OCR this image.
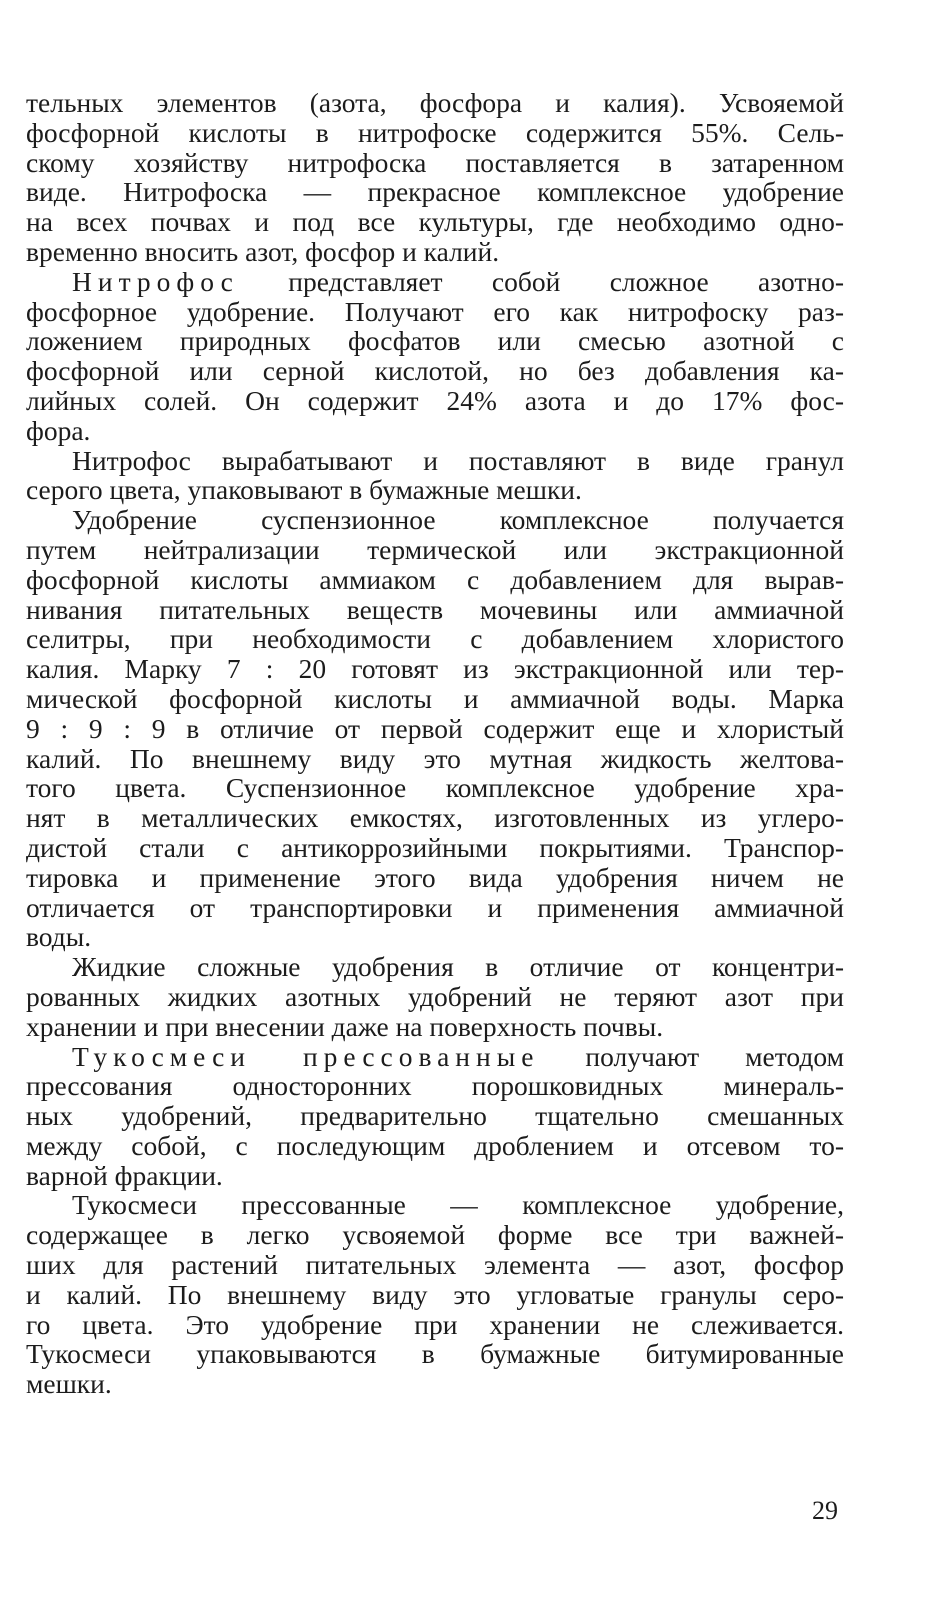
тельных элементов (азота, фосфора и калия). Усвояемой
фосфорной кислоты в нитрофоске содержится 55%. Сель-
скому хозяйству нитрофоска поставляется в затаренном
виде. Нитрофоска — прекрасное комплексное удобрение
на всех почвах и под все культуры, где необходимо одно-
временно вносить азот, фосфор и калий.
Нитрофос представляет собой сложное азотно-
фосфорное удобрение. Получают его как нитрофоску раз-
ложением природных фосфатов или смесью азотной с
фосфорной или серной кислотой, но без добавления ка-
лийных солей. Он содержит 24% азота и до 17% фос-
фора.
Нитрофос вырабатывают и поставляют в виде гранул
серого цвета, упаковывают в бумажные мешки.
Удобрение суспензионное комплексное получается
путем нейтрализации термической или экстракционной
фосфорной кислоты аммиаком с добавлением для вырав-
нивания питательных веществ мочевины или аммиачной
селитры, при необходимости с добавлением хлористого
калия. Марку 7 : 20 готовят из экстракционной или тер-
мической фосфорной кислоты и аммиачной воды. Марка
9 : 9 : 9 в отличие от первой содержит еще и хлористый
калий. По внешнему виду это мутная жидкость желтова-
того цвета. Суспензионное комплексное удобрение хра-
нят в металлических емкостях, изготовленных из углеро-
дистой стали с антикоррозийными покрытиями. Транспор-
тировка и применение этого вида удобрения ничем не
отличается от транспортировки и применения аммиачной
воды.
Жидкие сложные удобрения в отличие от концентри-
рованных жидких азотных удобрений не теряют азот при
хранении и при внесении даже на поверхность почвы.
Тукосмеси прессованные получают методом
прессования односторонних порошковидных минераль-
ных удобрений, предварительно тщательно смешанных
между собой, с последующим дроблением и отсевом то-
варной фракции.
Тукосмеси прессованные — комплексное удобрение,
содержащее в легко усвояемой форме все три важней-
ших для растений питательных элемента — азот, фосфор
и калий. По внешнему виду это угловатые гранулы серо-
го цвета. Это удобрение при хранении не слеживается.
Тукосмеси упаковываются в бумажные битумированные
мешки.
29
